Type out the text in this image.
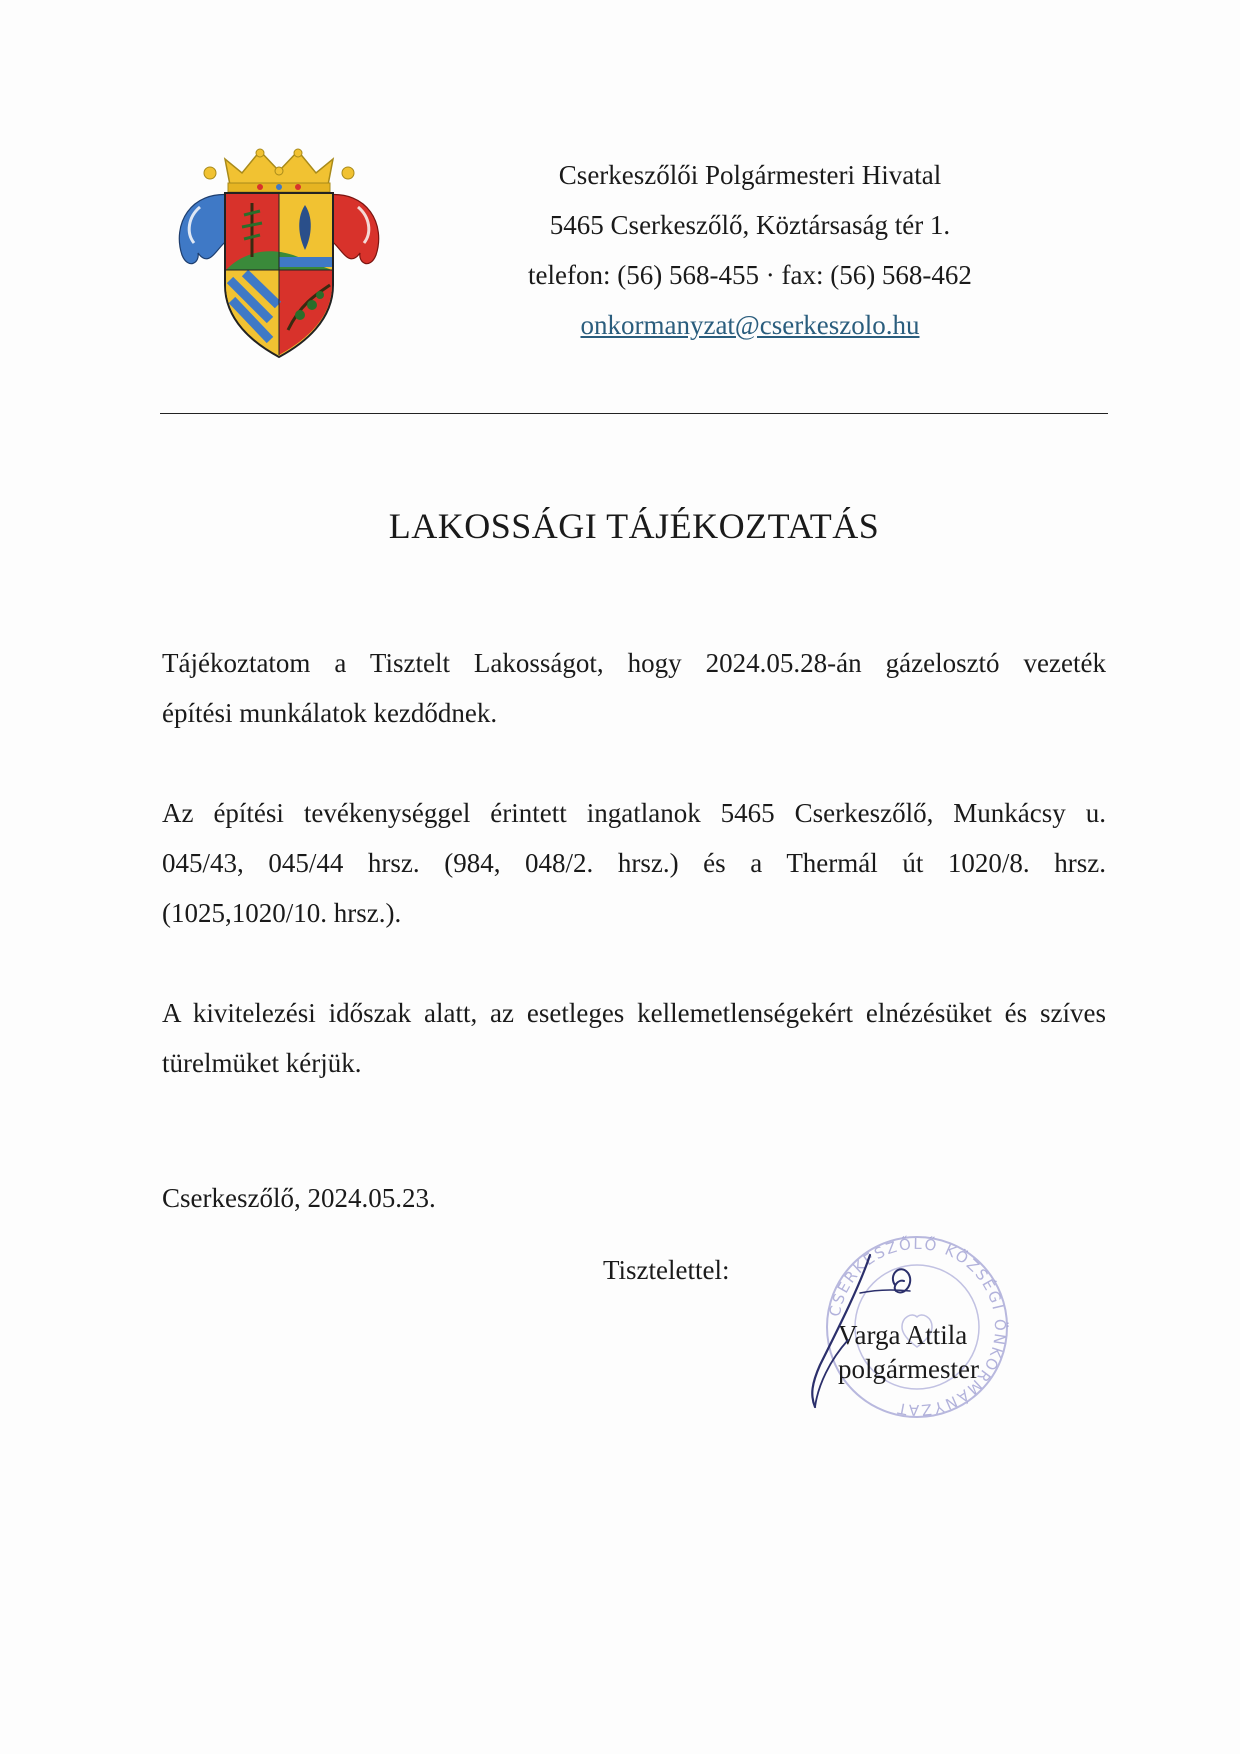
Cserkeszőlői Polgármesteri Hivatal
5465 Cserkeszőlő, Köztársaság tér 1.
telefon: (56) 568-455 · fax: (56) 568-462
onkormanyzat@cserkeszolo.hu
LAKOSSÁGI TÁJÉKOZTATÁS
Tájékoztatom a Tisztelt Lakosságot, hogy 2024.05.28-án gázelosztó vezeték
építési munkálatok kezdődnek.
Az építési tevékenységgel érintett ingatlanok 5465 Cserkeszőlő, Munkácsy u.
045/43, 045/44 hrsz. (984, 048/2. hrsz.) és a Thermál út 1020/8. hrsz.
(1025,1020/10. hrsz.).
A kivitelezési időszak alatt, az esetleges kellemetlenségekért elnézésüket és szíves
türelmüket kérjük.
Cserkeszőlő, 2024.05.23.
Tisztelettel:
CSERKESZŐLŐ KÖZSÉGI ÖNKORMÁNYZAT
Varga Attila
polgármester
